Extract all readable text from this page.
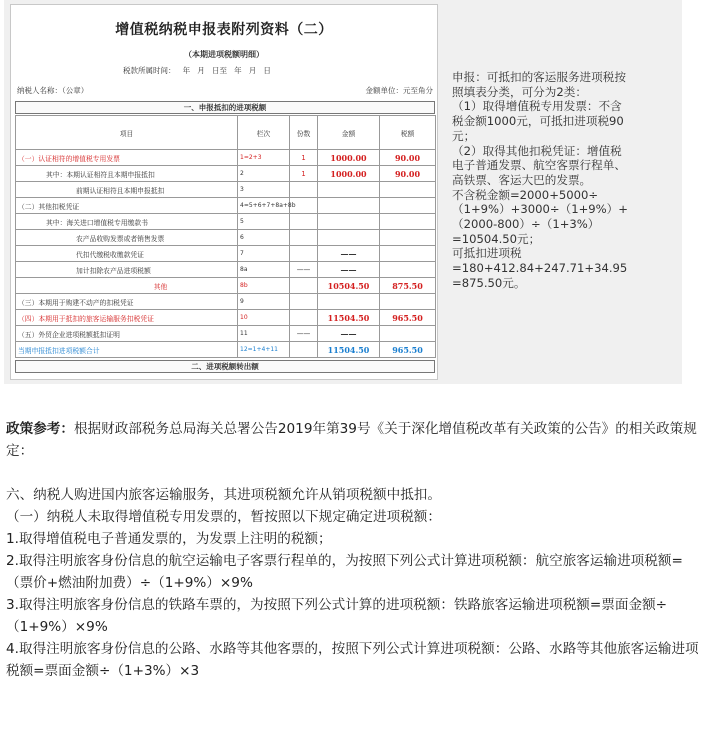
增值税纳税申报表附列资料（二）
（本期进项税额明细）
税款所属时间：   年   月   日至   年   月   日
纳税人名称：（公章）	金额单位：元至角分
一、申报抵扣的进项税额
项目	栏次	份数	金额	税额
（一）认证相符的增值税专用发票	1=2+3	1	1000.00	90.00
其中：本期认证相符且本期申报抵扣	2	1	1000.00	90.00
前期认证相符且本期申报抵扣	3			
（二）其他扣税凭证	4=5+6+7+8a+8b			
其中：海关进口增值税专用缴款书	5			
农产品收购发票或者销售发票	6			
代扣代缴税收缴款凭证	7		——	
加计扣除农产品进项税额	8a	——	——	
其他	8b		10504.50	875.50
（三）本期用于购建不动产的扣税凭证	9			
（四）本期用于抵扣的旅客运输服务扣税凭证	10		11504.50	965.50
（五）外贸企业进项税额抵扣证明	11	——	——	
当期申报抵扣进项税额合计	12=1+4+11		11504.50	965.50
二、进项税额转出额
申报：可抵扣的客运服务进项税按
照填表分类，可分为2类：
（1）取得增值税专用发票：不含
税金额1000元，可抵扣进项税90
元；
（2）取得其他扣税凭证：增值税
电子普通发票、航空客票行程单、
高铁票、客运大巴的发票。
不含税金额=2000+5000÷
（1+9%）+3000÷（1+9%）+
（2000-800）÷（1+3%）
=10504.50元；
可抵扣进项税
=180+412.84+247.71+34.95
=875.50元。

政策参考：根据财政部税务总局海关总署公告2019年第39号《关于深化增值税改革有关政策的公告》的相关政策规定：

六、纳税人购进国内旅客运输服务，其进项税额允许从销项税额中抵扣。

（一）纳税人未取得增值税专用发票的，暂按照以下规定确定进项税额：

1.取得增值税电子普通发票的，为发票上注明的税额；

2.取得注明旅客身份信息的航空运输电子客票行程单的，为按照下列公式计算进项税额：航空旅客运输进项税额=（票价+燃油附加费）÷（1+9%）×9%

3.取得注明旅客身份信息的铁路车票的，为按照下列公式计算的进项税额：铁路旅客运输进项税额=票面金额÷（1+9%）×9%

4.取得注明旅客身份信息的公路、水路等其他客票的，按照下列公式计算进项税额：公路、水路等其他旅客运输进项税额=票面金额÷（1+3%）×3
